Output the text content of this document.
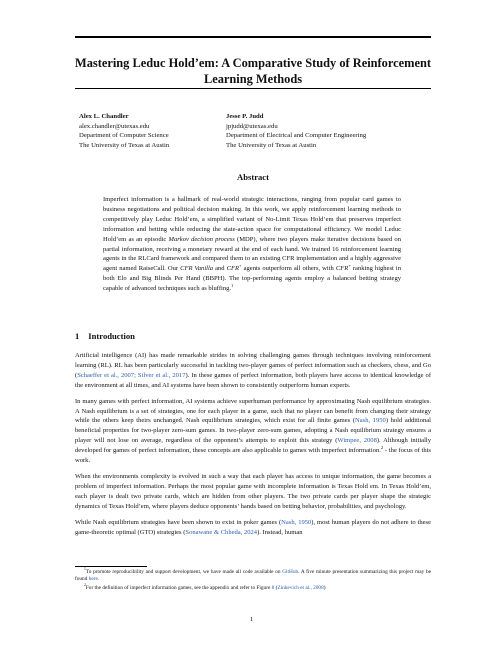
Mastering Leduc Hold’em: A Comparative Study of Reinforcement Learning Methods
Alex L. Chandler
alex.chandler@utexas.edu
Department of Computer Science
The University of Texas at Austin
Jesse P. Judd
jpjudd@utexas.edu
Department of Electrical and Computer Engineering
The University of Texas at Austin
Abstract
Imperfect information is a hallmark of real-world strategic interactions, ranging from popular card games to business negotiations and political decision making. In this work, we apply reinforcement learning methods to competitively play Leduc Hold’em, a simplified variant of No-Limit Texas Hold’em that preserves imperfect information and betting while reducing the state-action space for computational efficiency. We model Leduc Hold’em as an episodic Markov decision process (MDP), where two players make iterative decisions based on partial information, receiving a monetary reward at the end of each hand. We trained 16 reinforcement learning agents in the RLCard framework and compared them to an existing CFR implementation and a highly aggressive agent named RaiseCall. Our CFR Vanilla and CFR+ agents outperform all others, with CFR+ ranking highest in both Elo and Big Blinds Per Hand (BBPH). The top-performing agents employ a balanced betting strategy capable of advanced techniques such as bluffing.$^1$
1 Introduction

Artificial intelligence (AI) has made remarkable strides in solving challenging games through techniques involving reinforcement learning (RL). RL has been particularly successful in tackling two-player games of perfect information such as checkers, chess, and Go (Schaeffer et al., 2007; Silver et al., 2017). In these games of perfect information, both players have access to identical knowledge of the environment at all times, and AI systems have been shown to consistently outperform human experts.

In many games with perfect information, AI systems achieve superhuman performance by approximating Nash equilibrium strategies. A Nash equilibrium is a set of strategies, one for each player in a game, such that no player can benefit from changing their strategy while the others keep theirs unchanged. Nash equilibrium strategies, which exist for all finite games (Nash, 1950) hold additional beneficial properties for two-player zero-sum games. In two-player zero-sum games, adopting a Nash equilibrium strategy ensures a player will not lose on average, regardless of the opponent’s attempts to exploit this strategy (Wimpee, 2008). Although initially developed for games of perfect information, these concepts are also applicable to games with imperfect information.$^2$ - the focus of this work.

When the environments complexity is evolved in such a way that each player has access to unique information, the game becomes a problem of imperfect information. Perhaps the most popular game with incomplete information is Texas Hold em. In Texas Hold’em, each player is dealt two private cards, which are hidden from other players. The two private cards per player shape the strategic dynamics of Texas Hold’em, where players deduce opponents’ hands based on betting behavior, probabilities, and psychology.

While Nash equilibrium strategies have been shown to exist in poker games (Nash, 1950), most human players do not adhere to these game-theoretic optimal (GTO) strategies (Sonawane & Chheda, 2024). Instead, human

$^1$To promote reproducibility and support development, we have made all code available on GitHub. A five minute presentation summarizing this project may be found here.

$^2$For the definition of imperfect information games, see the appendix and refer to Figure 8 (Zinkevich et al., 2008)

1
